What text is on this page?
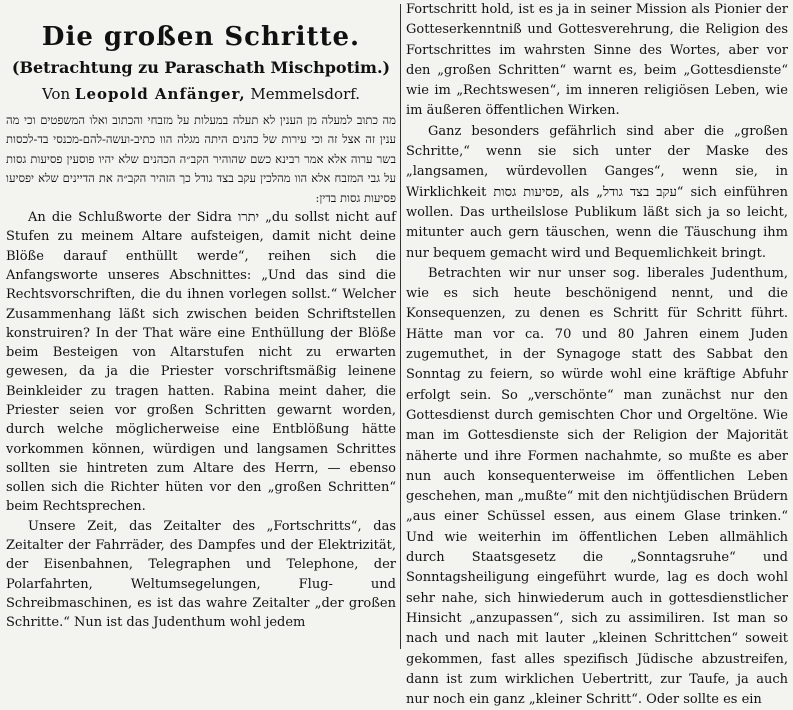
Die großen Schritte.
(Betrachtung zu Paraschath Mischpotim.)
Von Leopold Anfänger, Memmelsdorf.

מה כתוב למעלה מן הענין לא תעלה במעלות על מזבחי והכתוב ואלו המשפטים וכי מה ענין זה אצל זה וכי עירות של כהנים היתה מגלה הוו כתיב-ועשה-להם-מכנסי בד-לכסות בשר ערוה אלא אמר רבינא כשם שהוהיר הקב״ה הכהנים שלא יהיו פוסעין פסיעות גסות על גבי המזבח אלא הוו מהלכין עקב בצד גודל כך הזהיר הקב״ה את הדיינים שלא יפסיעו פסיעות גסות בדין:

An die Schlußworte der Sidra יתרו „du sollst nicht auf Stufen zu meinem Altare aufsteigen, damit nicht deine Blöße darauf enthüllt werde“, reihen sich die Anfangsworte unseres Abschnittes: „Und das sind die Rechtsvorschriften, die du ihnen vorlegen sollst.“ Welcher Zusammenhang läßt sich zwischen beiden Schriftstellen konstruiren? In der That wäre eine Enthüllung der Blöße beim Besteigen von Altarstufen nicht zu erwarten gewesen, da ja die Priester vorschriftsmäßig leinene Beinkleider zu tragen hatten. Rabina meint daher, die Priester seien vor großen Schritten gewarnt worden, durch welche möglicherweise eine Entblößung hätte vorkommen können, würdigen und langsamen Schrittes sollten sie hintreten zum Altare des Herrn, — ebenso sollen sich die Richter hüten vor den „großen Schritten“ beim Rechtsprechen.

Unsere Zeit, das Zeitalter des „Fortschritts“, das Zeitalter der Fahrräder, des Dampfes und der Elektrizität, der Eisenbahnen, Telegraphen und Telephone, der Polarfahrten, Weltumsegelungen, Flug- und Schreibmaschinen, es ist das wahre Zeitalter „der großen Schritte.“ Nun ist das Judenthum wohl jedem

Fortschritt hold, ist es ja in seiner Mission als Pionier der Gotteserkenntniß und Gottesverehrung, die Religion des Fortschrittes im wahrsten Sinne des Wortes, aber vor den „großen Schritten“ warnt es, beim „Gottesdienste“ wie im „Rechtswesen“, im inneren religiösen Leben, wie im äußeren öffentlichen Wirken.

Ganz besonders gefährlich sind aber die „großen Schritte,“ wenn sie sich unter der Maske des „langsamen, würdevollen Ganges“, wenn sie, in Wirklichkeit פסיעות גסות, als „עקב בצד גודל“ sich einführen wollen. Das urtheilslose Publikum läßt sich ja so leicht, mitunter auch gern täuschen, wenn die Täuschung ihm nur bequem gemacht wird und Bequemlichkeit bringt.

Betrachten wir nur unser sog. liberales Judenthum, wie es sich heute beschönigend nennt, und die Konsequenzen, zu denen es Schritt für Schritt führt. Hätte man vor ca. 70 und 80 Jahren einem Juden zugemuthet, in der Synagoge statt des Sabbat den Sonntag zu feiern, so würde wohl eine kräftige Abfuhr erfolgt sein. So „verschönte“ man zunächst nur den Gottesdienst durch gemischten Chor und Orgeltöne. Wie man im Gottesdienste sich der Religion der Majorität näherte und ihre Formen nachahmte, so mußte es aber nun auch konsequenterweise im öffentlichen Leben geschehen, man „mußte“ mit den nichtjüdischen Brüdern „aus einer Schüssel essen, aus einem Glase trinken.“ Und wie weiterhin im öffentlichen Leben allmählich durch Staatsgesetz die „Sonntagsruhe“ und Sonntagsheiligung eingeführt wurde, lag es doch wohl sehr nahe, sich hinwiederum auch in gottesdienstlicher Hinsicht „anzupassen“, sich zu assimiliren. Ist man so nach und nach mit lauter „kleinen Schrittchen“ soweit gekommen, fast alles spezifisch Jüdische abzustreifen, dann ist zum wirklichen Uebertritt, zur Taufe, ja auch nur noch ein ganz „kleiner Schritt“. Oder sollte es ein
